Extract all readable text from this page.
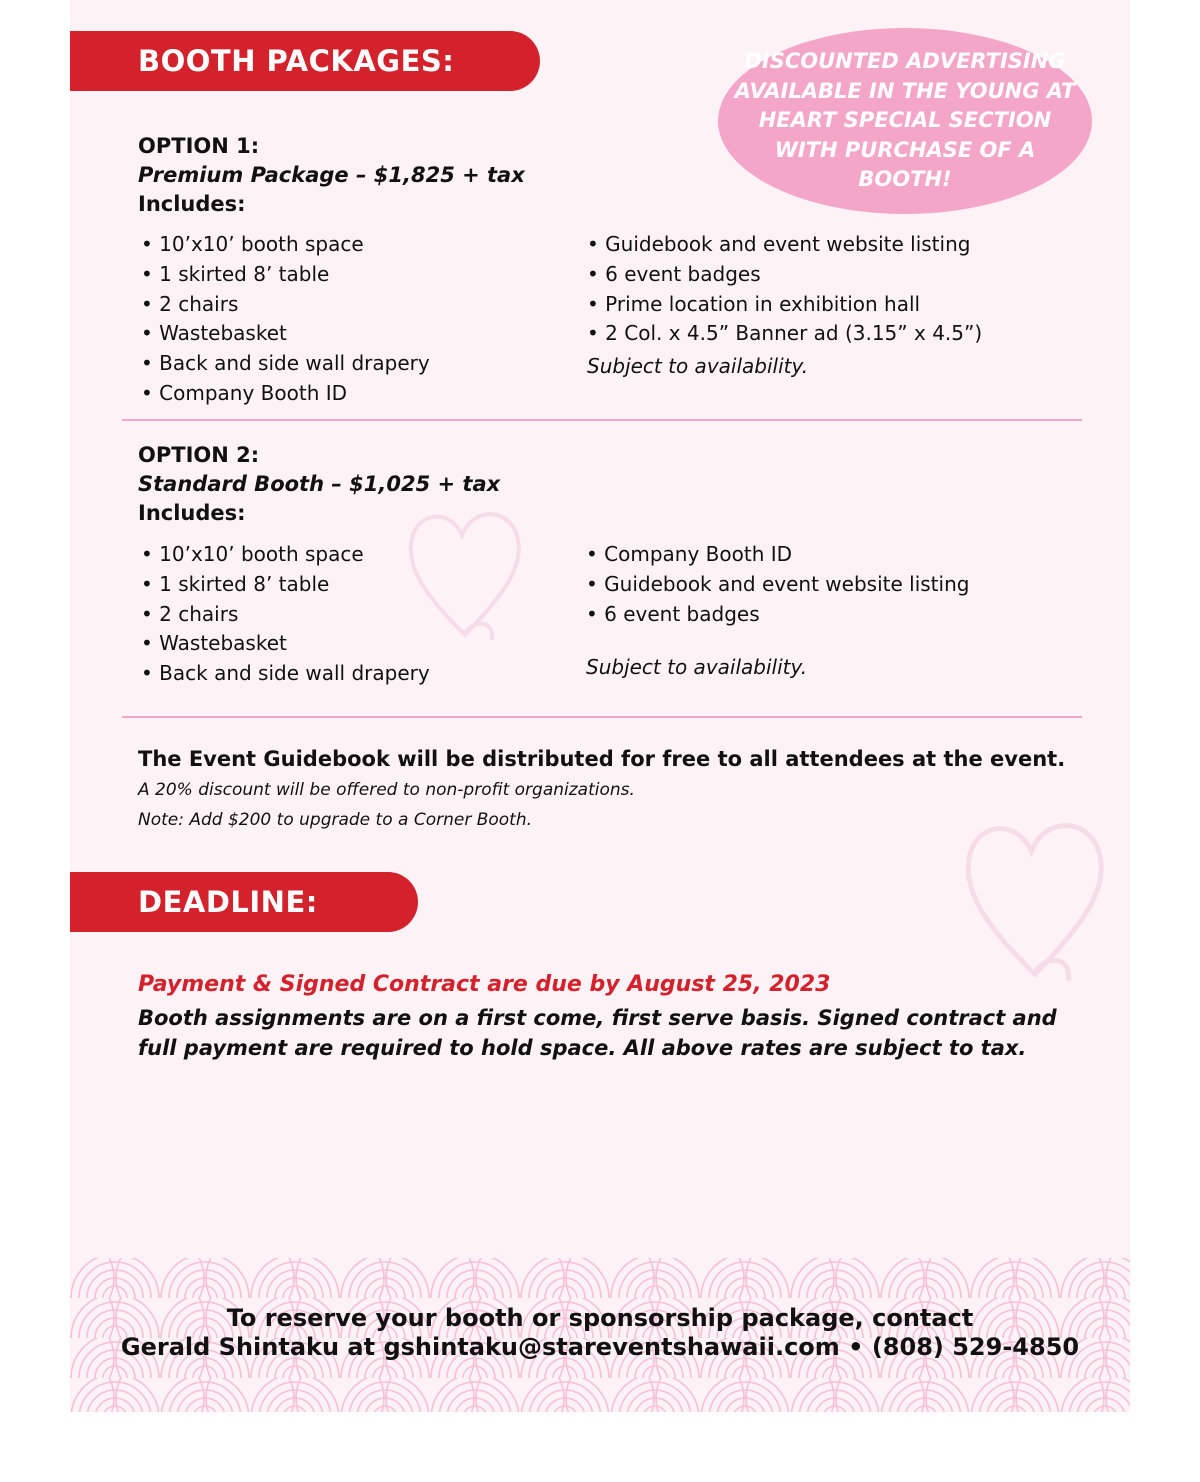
BOOTH PACKAGES:	DISCOUNTED ADVERTISING AVAILABLE IN THE YOUNG AT HEART SPECIAL SECTION WITH PURCHASE OF A BOOTH!
OPTION 1:
Premium Package – $1,825 + tax
Includes:
• 10’x10’ booth space
• 1 skirted 8’ table
• 2 chairs
• Wastebasket
• Back and side wall drapery
• Company Booth ID
• Guidebook and event website listing
• 6 event badges
• Prime location in exhibition hall
• 2 Col. x 4.5” Banner ad (3.15” x 4.5”)
Subject to availability.
OPTION 2:
Standard Booth – $1,025 + tax
Includes:
• 10’x10’ booth space
• 1 skirted 8’ table
• 2 chairs
• Wastebasket
• Back and side wall drapery
• Company Booth ID
• Guidebook and event website listing
• 6 event badges
Subject to availability.
The Event Guidebook will be distributed for free to all attendees at the event.
A 20% discount will be offered to non-profit organizations.
Note: Add $200 to upgrade to a Corner Booth.
DEADLINE:
Payment & Signed Contract are due by August 25, 2023
Booth assignments are on a first come, first serve basis. Signed contract and
full payment are required to hold space. All above rates are subject to tax.
To reserve your booth or sponsorship package, contact
Gerald Shintaku at gshintaku@stareventshawaii.com • (808) 529-4850
